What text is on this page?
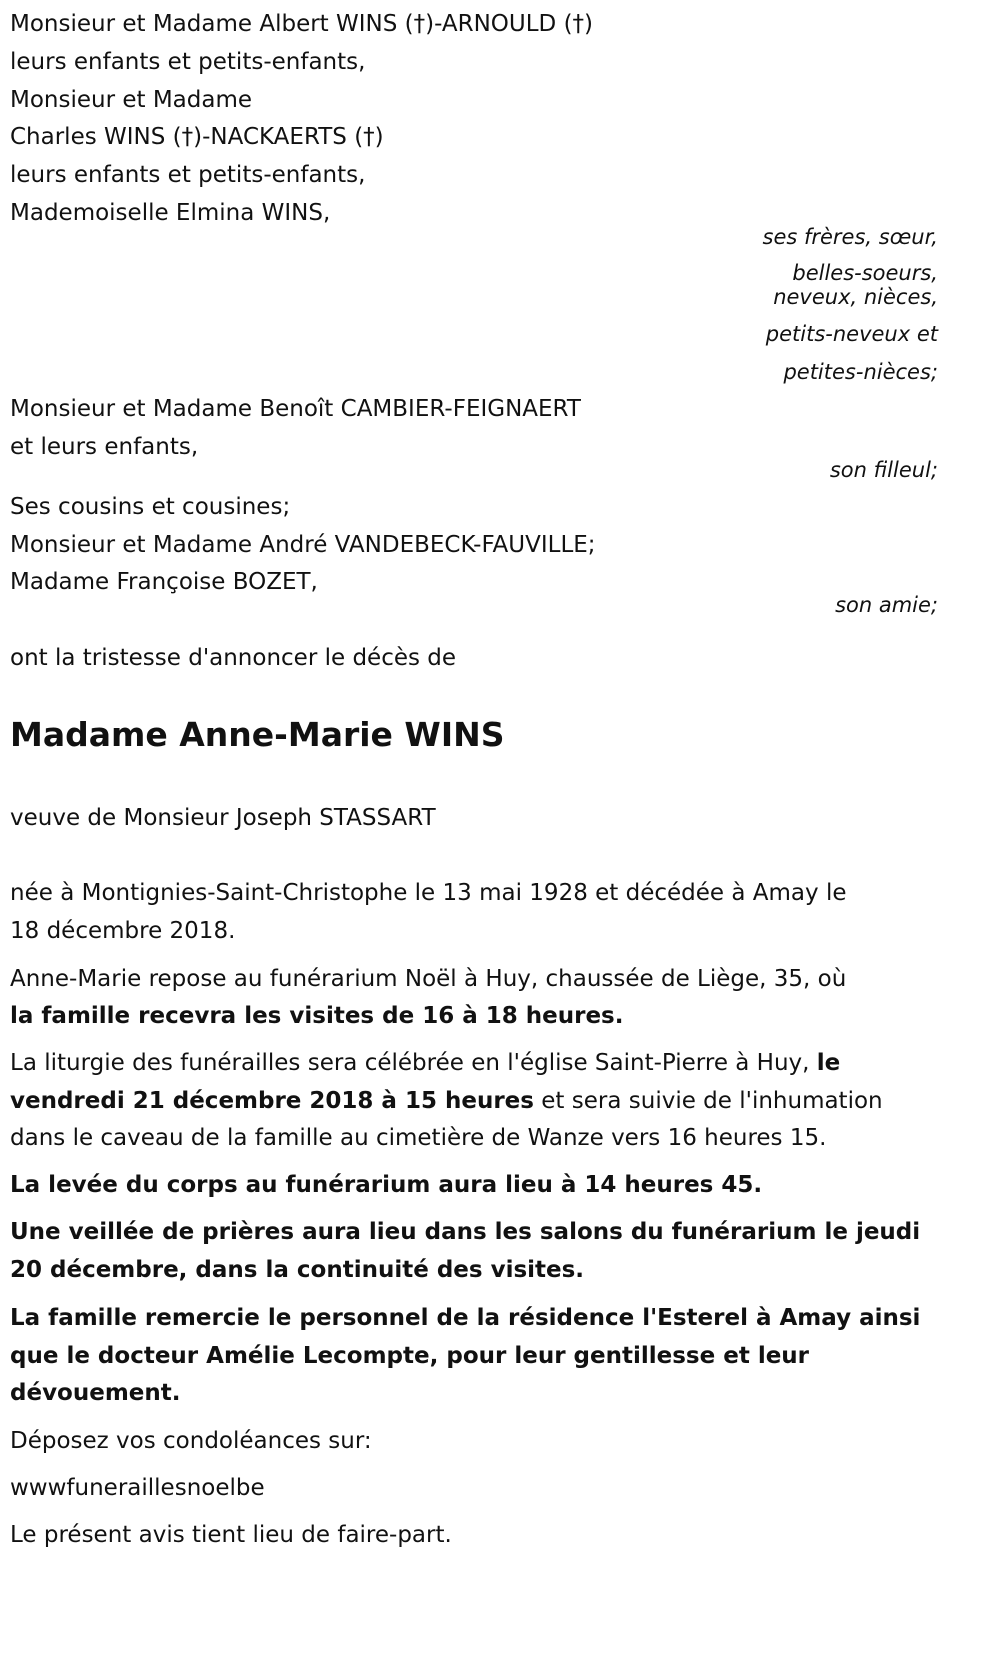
Monsieur et Madame Albert WINS (†)-ARNOULD (†)
leurs enfants et petits-enfants,
Monsieur et Madame
Charles WINS (†)-NACKAERTS (†)
leurs enfants et petits-enfants,
Mademoiselle Elmina WINS,
ses frères, sœur,
belles-soeurs,
neveux, nièces,
petits-neveux et
petites-nièces;
Monsieur et Madame Benoît CAMBIER-FEIGNAERT
et leurs enfants,
son filleul;
Ses cousins et cousines;
Monsieur et Madame André VANDEBECK-FAUVILLE;
Madame Françoise BOZET,
son amie;
ont la tristesse d'annoncer le décès de
Madame Anne-Marie WINS
veuve de Monsieur Joseph STASSART
née à Montignies-Saint-Christophe le 13 mai 1928 et décédée à Amay le
18 décembre 2018.
Anne-Marie repose au funérarium Noël à Huy, chaussée de Liège, 35, où
la famille recevra les visites de 16 à 18 heures.
La liturgie des funérailles sera célébrée en l'église Saint-Pierre à Huy, le
vendredi 21 décembre 2018 à 15 heures et sera suivie de l'inhumation
dans le caveau de la famille au cimetière de Wanze vers 16 heures 15.
La levée du corps au funérarium aura lieu à 14 heures 45.
Une veillée de prières aura lieu dans les salons du funérarium le jeudi
20 décembre, dans la continuité des visites.
La famille remercie le personnel de la résidence l'Esterel à Amay ainsi
que le docteur Amélie Lecompte, pour leur gentillesse et leur
dévouement.
Déposez vos condoléances sur:
wwwfuneraillesnoelbe
Le présent avis tient lieu de faire-part.
